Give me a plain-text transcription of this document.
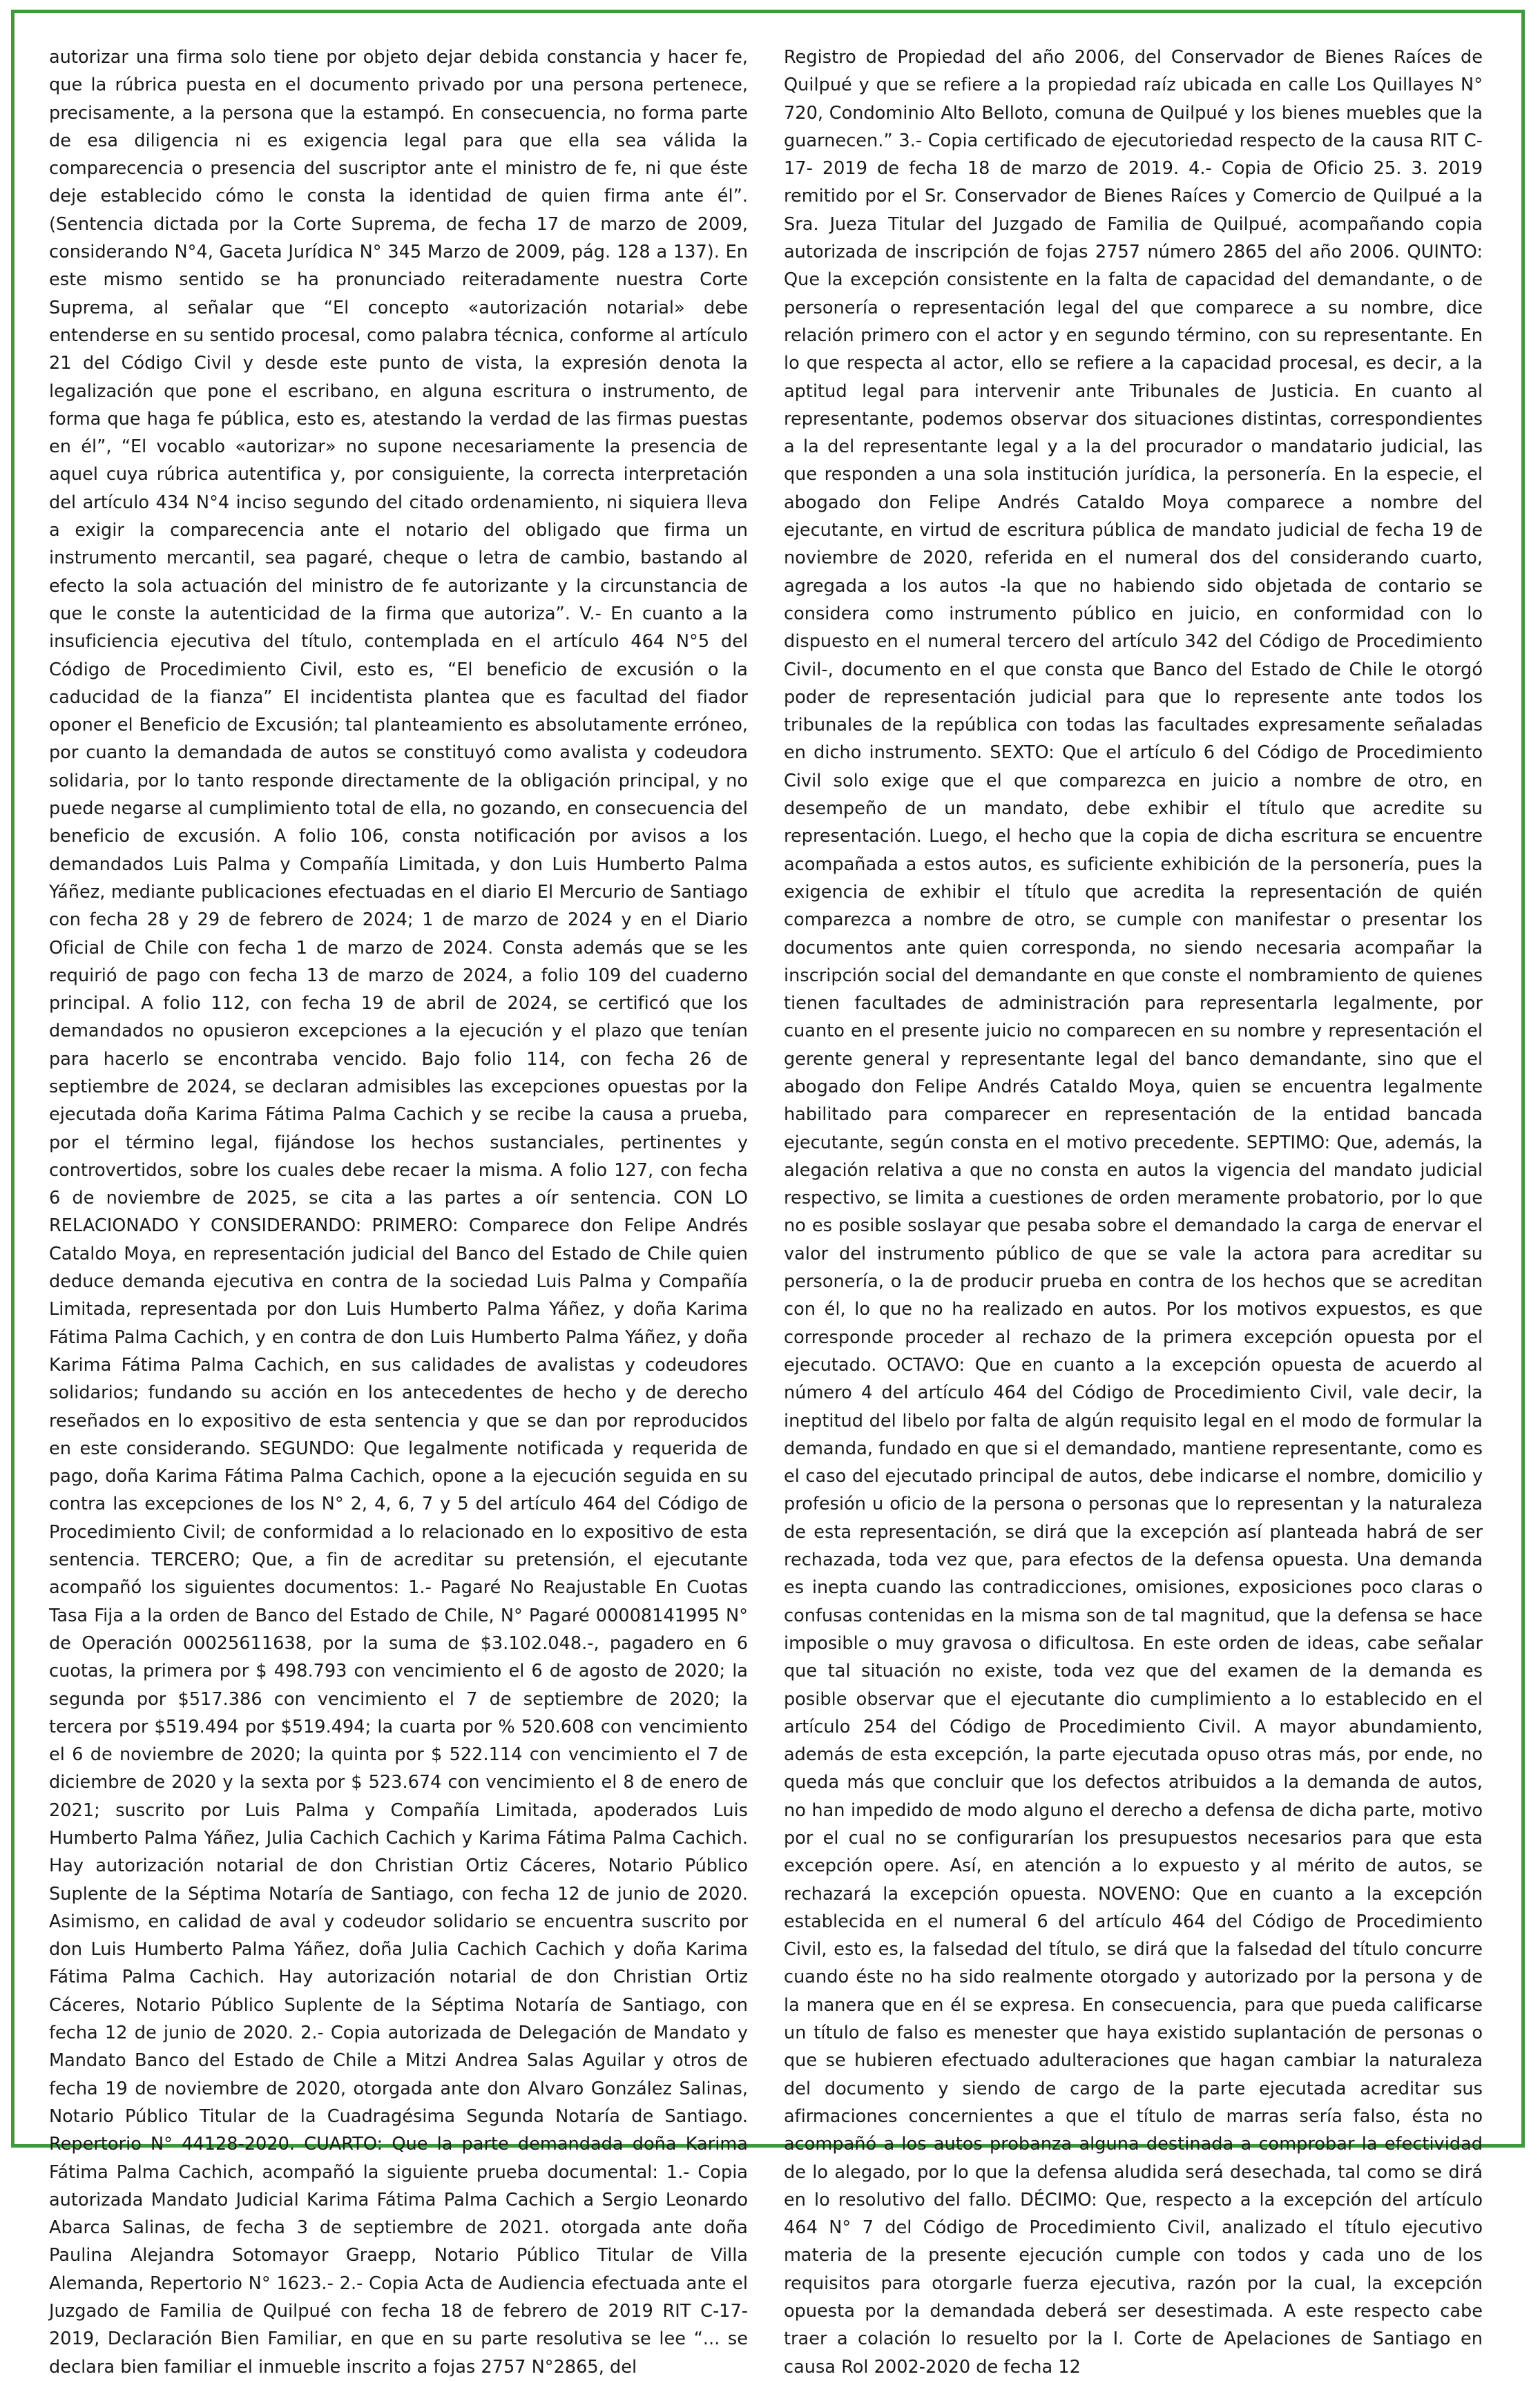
autorizar una firma solo tiene por objeto dejar debida constancia y hacer fe, que la rúbrica puesta en el documento privado por una persona pertenece, precisamente, a la persona que la estampó. En consecuencia, no forma parte de esa diligencia ni es exigencia legal para que ella sea válida la comparecencia o presencia del suscriptor ante el ministro de fe, ni que éste deje establecido cómo le consta la identidad de quien firma ante él”. (Sentencia dictada por la Corte Suprema, de fecha 17 de marzo de 2009, considerando N°4, Gaceta Jurídica N° 345 Marzo de 2009, pág. 128 a 137). En este mismo sentido se ha pronunciado reiteradamente nuestra Corte Suprema, al señalar que “El concepto «autorización notarial» debe entenderse en su sentido procesal, como palabra técnica, conforme al artículo 21 del Código Civil y desde este punto de vista, la expresión denota la legalización que pone el escribano, en alguna escritura o instrumento, de forma que haga fe pública, esto es, atestando la verdad de las firmas puestas en él”, “El vocablo «autorizar» no supone necesariamente la presencia de aquel cuya rúbrica autentifica y, por consiguiente, la correcta interpretación del artículo 434 N°4 inciso segundo del citado ordenamiento, ni siquiera lleva a exigir la comparecencia ante el notario del obligado que firma un instrumento mercantil, sea pagaré, cheque o letra de cambio, bastando al efecto la sola actuación del ministro de fe autorizante y la circunstancia de que le conste la autenticidad de la firma que autoriza”. V.- En cuanto a la insuficiencia ejecutiva del título, contemplada en el artículo 464 N°5 del Código de Procedimiento Civil, esto es, “El beneficio de excusión o la caducidad de la fianza” El incidentista plantea que es facultad del fiador oponer el Beneficio de Excusión; tal planteamiento es absolutamente erróneo, por cuanto la demandada de autos se constituyó como avalista y codeudora solidaria, por lo tanto responde directamente de la obligación principal, y no puede negarse al cumplimiento total de ella, no gozando, en consecuencia del beneficio de excusión. A folio 106, consta notificación por avisos a los demandados Luis Palma y Compañía Limitada, y don Luis Humberto Palma Yáñez, mediante publicaciones efectuadas en el diario El Mercurio de Santiago con fecha 28 y 29 de febrero de 2024; 1 de marzo de 2024 y en el Diario Oficial de Chile con fecha 1 de marzo de 2024. Consta además que se les requirió de pago con fecha 13 de marzo de 2024, a folio 109 del cuaderno principal. A folio 112, con fecha 19 de abril de 2024, se certificó que los demandados no opusieron excepciones a la ejecución y el plazo que tenían para hacerlo se encontraba vencido. Bajo folio 114, con fecha 26 de septiembre de 2024, se declaran admisibles las excepciones opuestas por la ejecutada doña Karima Fátima Palma Cachich y se recibe la causa a prueba, por el término legal, fijándose los hechos sustanciales, pertinentes y controvertidos, sobre los cuales debe recaer la misma. A folio 127, con fecha 6 de noviembre de 2025, se cita a las partes a oír sentencia. CON LO RELACIONADO Y CONSIDERANDO: PRIMERO: Comparece don Felipe Andrés Cataldo Moya, en representación judicial del Banco del Estado de Chile quien deduce demanda ejecutiva en contra de la sociedad Luis Palma y Compañía Limitada, representada por don Luis Humberto Palma Yáñez, y doña Karima Fátima Palma Cachich, y en contra de don Luis Humberto Palma Yáñez, y doña Karima Fátima Palma Cachich, en sus calidades de avalistas y codeudores solidarios; fundando su acción en los antecedentes de hecho y de derecho reseñados en lo expositivo de esta sentencia y que se dan por reproducidos en este considerando. SEGUNDO: Que legalmente notificada y requerida de pago, doña Karima Fátima Palma Cachich, opone a la ejecución seguida en su contra las excepciones de los N° 2, 4, 6, 7 y 5 del artículo 464 del Código de Procedimiento Civil; de conformidad a lo relacionado en lo expositivo de esta sentencia. TERCERO; Que, a fin de acreditar su pretensión, el ejecutante acompañó los siguientes documentos: 1.- Pagaré No Reajustable En Cuotas Tasa Fija a la orden de Banco del Estado de Chile, N° Pagaré 00008141995 N° de Operación 00025611638, por la suma de $3.102.048.-, pagadero en 6 cuotas, la primera por $ 498.793 con vencimiento el 6 de agosto de 2020; la segunda por $517.386 con vencimiento el 7 de septiembre de 2020; la tercera por $519.494 por $519.494; la cuarta por % 520.608 con vencimiento el 6 de noviembre de 2020; la quinta por $ 522.114 con vencimiento el 7 de diciembre de 2020 y la sexta por $ 523.674 con vencimiento el 8 de enero de 2021; suscrito por Luis Palma y Compañía Limitada, apoderados Luis Humberto Palma Yáñez, Julia Cachich Cachich y Karima Fátima Palma Cachich. Hay autorización notarial de don Christian Ortiz Cáceres, Notario Público Suplente de la Séptima Notaría de Santiago, con fecha 12 de junio de 2020. Asimismo, en calidad de aval y codeudor solidario se encuentra suscrito por don Luis Humberto Palma Yáñez, doña Julia Cachich Cachich y doña Karima Fátima Palma Cachich. Hay autorización notarial de don Christian Ortiz Cáceres, Notario Público Suplente de la Séptima Notaría de Santiago, con fecha 12 de junio de 2020. 2.- Copia autorizada de Delegación de Mandato y Mandato Banco del Estado de Chile a Mitzi Andrea Salas Aguilar y otros de fecha 19 de noviembre de 2020, otorgada ante don Alvaro González Salinas, Notario Público Titular de la Cuadragésima Segunda Notaría de Santiago. Repertorio N° 44128-2020. CUARTO: Que la parte demandada doña Karima Fátima Palma Cachich, acompañó la siguiente prueba documental: 1.- Copia autorizada Mandato Judicial Karima Fátima Palma Cachich a Sergio Leonardo Abarca Salinas, de fecha 3 de septiembre de 2021. otorgada ante doña Paulina Alejandra Sotomayor Graepp, Notario Público Titular de Villa Alemanda, Repertorio N° 1623.- 2.- Copia Acta de Audiencia efectuada ante el Juzgado de Familia de Quilpué con fecha 18 de febrero de 2019 RIT C-17-2019, Declaración Bien Familiar, en que en su parte resolutiva se lee “... se declara bien familiar el inmueble inscrito a fojas 2757 N°2865, del

Registro de Propiedad del año 2006, del Conservador de Bienes Raíces de Quilpué y que se refiere a la propiedad raíz ubicada en calle Los Quillayes N° 720, Condominio Alto Belloto, comuna de Quilpué y los bienes muebles que la guarnecen.” 3.- Copia certificado de ejecutoriedad respecto de la causa RIT C-17- 2019 de fecha 18 de marzo de 2019. 4.- Copia de Oficio 25. 3. 2019 remitido por el Sr. Conservador de Bienes Raíces y Comercio de Quilpué a la Sra. Jueza Titular del Juzgado de Familia de Quilpué, acompañando copia autorizada de inscripción de fojas 2757 número 2865 del año 2006. QUINTO: Que la excepción consistente en la falta de capacidad del demandante, o de personería o representación legal del que comparece a su nombre, dice relación primero con el actor y en segundo término, con su representante. En lo que respecta al actor, ello se refiere a la capacidad procesal, es decir, a la aptitud legal para intervenir ante Tribunales de Justicia. En cuanto al representante, podemos observar dos situaciones distintas, correspondientes a la del representante legal y a la del procurador o mandatario judicial, las que responden a una sola institución jurídica, la personería. En la especie, el abogado don Felipe Andrés Cataldo Moya comparece a nombre del ejecutante, en virtud de escritura pública de mandato judicial de fecha 19 de noviembre de 2020, referida en el numeral dos del considerando cuarto, agregada a los autos -la que no habiendo sido objetada de contario se considera como instrumento público en juicio, en conformidad con lo dispuesto en el numeral tercero del artículo 342 del Código de Procedimiento Civil-, documento en el que consta que Banco del Estado de Chile le otorgó poder de representación judicial para que lo represente ante todos los tribunales de la república con todas las facultades expresamente señaladas en dicho instrumento. SEXTO: Que el artículo 6 del Código de Procedimiento Civil solo exige que el que comparezca en juicio a nombre de otro, en desempeño de un mandato, debe exhibir el título que acredite su representación. Luego, el hecho que la copia de dicha escritura se encuentre acompañada a estos autos, es suficiente exhibición de la personería, pues la exigencia de exhibir el título que acredita la representación de quién comparezca a nombre de otro, se cumple con manifestar o presentar los documentos ante quien corresponda, no siendo necesaria acompañar la inscripción social del demandante en que conste el nombramiento de quienes tienen facultades de administración para representarla legalmente, por cuanto en el presente juicio no comparecen en su nombre y representación el gerente general y representante legal del banco demandante, sino que el abogado don Felipe Andrés Cataldo Moya, quien se encuentra legalmente habilitado para comparecer en representación de la entidad bancada ejecutante, según consta en el motivo precedente. SEPTIMO: Que, además, la alegación relativa a que no consta en autos la vigencia del mandato judicial respectivo, se limita a cuestiones de orden meramente probatorio, por lo que no es posible soslayar que pesaba sobre el demandado la carga de enervar el valor del instrumento público de que se vale la actora para acreditar su personería, o la de producir prueba en contra de los hechos que se acreditan con él, lo que no ha realizado en autos. Por los motivos expuestos, es que corresponde proceder al rechazo de la primera excepción opuesta por el ejecutado. OCTAVO: Que en cuanto a la excepción opuesta de acuerdo al número 4 del artículo 464 del Código de Procedimiento Civil, vale decir, la ineptitud del libelo por falta de algún requisito legal en el modo de formular la demanda, fundado en que si el demandado, mantiene representante, como es el caso del ejecutado principal de autos, debe indicarse el nombre, domicilio y profesión u oficio de la persona o personas que lo representan y la naturaleza de esta representación, se dirá que la excepción así planteada habrá de ser rechazada, toda vez que, para efectos de la defensa opuesta. Una demanda es inepta cuando las contradicciones, omisiones, exposiciones poco claras o confusas contenidas en la misma son de tal magnitud, que la defensa se hace imposible o muy gravosa o dificultosa. En este orden de ideas, cabe señalar que tal situación no existe, toda vez que del examen de la demanda es posible observar que el ejecutante dio cumplimiento a lo establecido en el artículo 254 del Código de Procedimiento Civil. A mayor abundamiento, además de esta excepción, la parte ejecutada opuso otras más, por ende, no queda más que concluir que los defectos atribuidos a la demanda de autos, no han impedido de modo alguno el derecho a defensa de dicha parte, motivo por el cual no se configurarían los presupuestos necesarios para que esta excepción opere. Así, en atención a lo expuesto y al mérito de autos, se rechazará la excepción opuesta. NOVENO: Que en cuanto a la excepción establecida en el numeral 6 del artículo 464 del Código de Procedimiento Civil, esto es, la falsedad del título, se dirá que la falsedad del título concurre cuando éste no ha sido realmente otorgado y autorizado por la persona y de la manera que en él se expresa. En consecuencia, para que pueda calificarse un título de falso es menester que haya existido suplantación de personas o que se hubieren efectuado adulteraciones que hagan cambiar la naturaleza del documento y siendo de cargo de la parte ejecutada acreditar sus afirmaciones concernientes a que el título de marras sería falso, ésta no acompañó a los autos probanza alguna destinada a comprobar la efectividad de lo alegado, por lo que la defensa aludida será desechada, tal como se dirá en lo resolutivo del fallo. DÉCIMO: Que, respecto a la excepción del artículo 464 N° 7 del Código de Procedimiento Civil, analizado el título ejecutivo materia de la presente ejecución cumple con todos y cada uno de los requisitos para otorgarle fuerza ejecutiva, razón por la cual, la excepción opuesta por la demandada deberá ser desestimada. A este respecto cabe traer a colación lo resuelto por la I. Corte de Apelaciones de Santiago en causa Rol 2002-2020 de fecha 12
